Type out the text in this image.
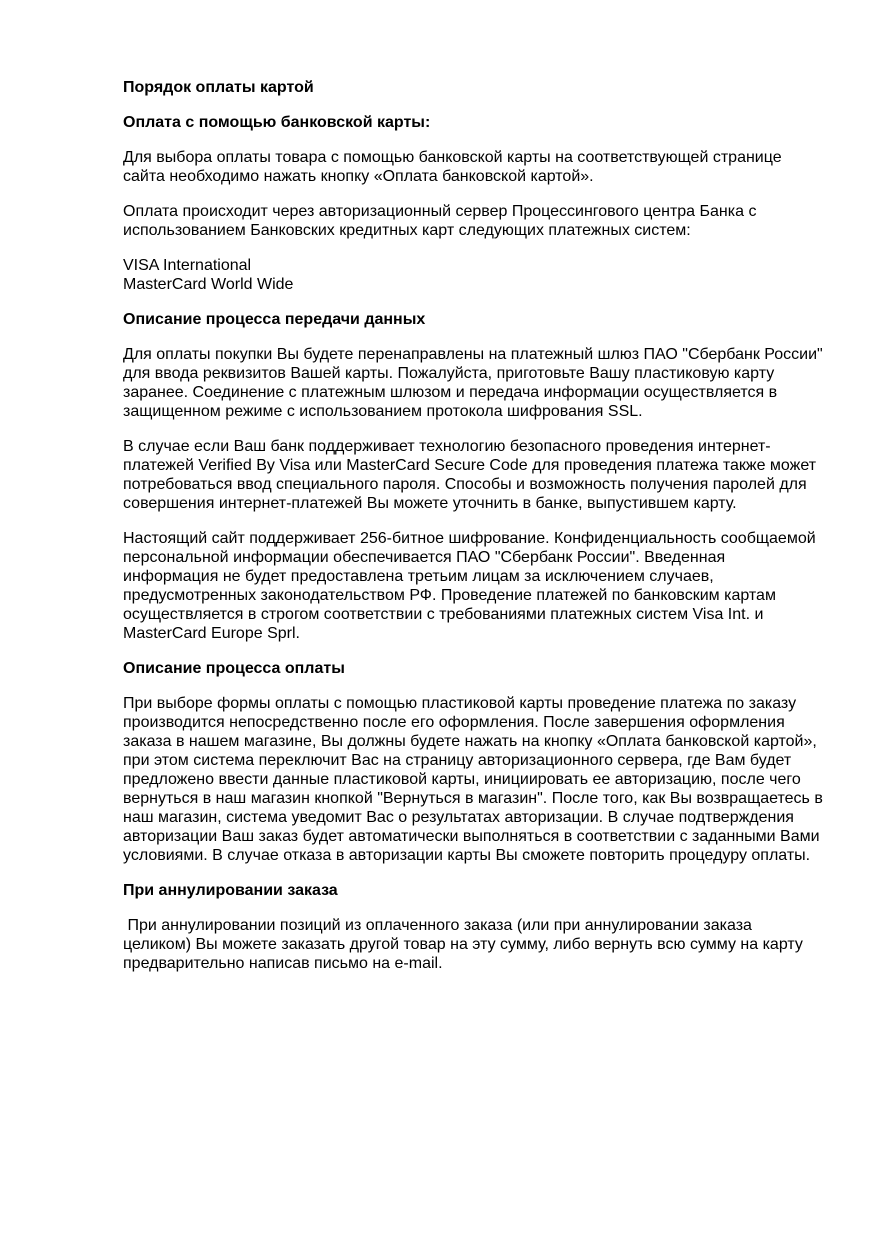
Порядок оплаты картой

Оплата с помощью банковской карты:

Для выбора оплаты товара с помощью банковской карты на соответствующей странице сайта необходимо нажать кнопку «Оплата банковской картой».

Оплата происходит через авторизационный сервер Процессингового центра Банка с использованием Банковских кредитных карт следующих платежных систем:

VISA International
MasterCard World Wide

Описание процесса передачи данных

Для оплаты покупки Вы будете перенаправлены на платежный шлюз ПАО "Сбербанк России" для ввода реквизитов Вашей карты. Пожалуйста, приготовьте Вашу пластиковую карту заранее. Соединение с платежным шлюзом и передача информации осуществляется в защищенном режиме с использованием протокола шифрования SSL.

В случае если Ваш банк поддерживает технологию безопасного проведения интернет-платежей Verified By Visa или MasterCard Secure Code для проведения платежа также может потребоваться ввод специального пароля. Способы и возможность получения паролей для совершения интернет-платежей Вы можете уточнить в банке, выпустившем карту.

Настоящий сайт поддерживает 256-битное шифрование. Конфиденциальность сообщаемой персональной информации обеспечивается ПАО "Сбербанк России". Введенная информация не будет предоставлена третьим лицам за исключением случаев, предусмотренных законодательством РФ. Проведение платежей по банковским картам осуществляется в строгом соответствии с требованиями платежных систем Visa Int. и MasterCard Europe Sprl.

Описание процесса оплаты

При выборе формы оплаты с помощью пластиковой карты проведение платежа по заказу производится непосредственно после его оформления. После завершения оформления заказа в нашем магазине, Вы должны будете нажать на кнопку «Оплата банковской картой», при этом система переключит Вас на страницу авторизационного сервера, где Вам будет предложено ввести данные пластиковой карты, инициировать ее авторизацию, после чего вернуться в наш магазин кнопкой "Вернуться в магазин". После того, как Вы возвращаетесь в наш магазин, система уведомит Вас о результатах авторизации. В случае подтверждения авторизации Ваш заказ будет автоматически выполняться в соответствии с заданными Вами условиями. В случае отказа в авторизации карты Вы сможете повторить процедуру оплаты.

При аннулировании заказа

При аннулировании позиций из оплаченного заказа (или при аннулировании заказа целиком) Вы можете заказать другой товар на эту сумму, либо вернуть всю сумму на карту предварительно написав письмо на e-mail.
